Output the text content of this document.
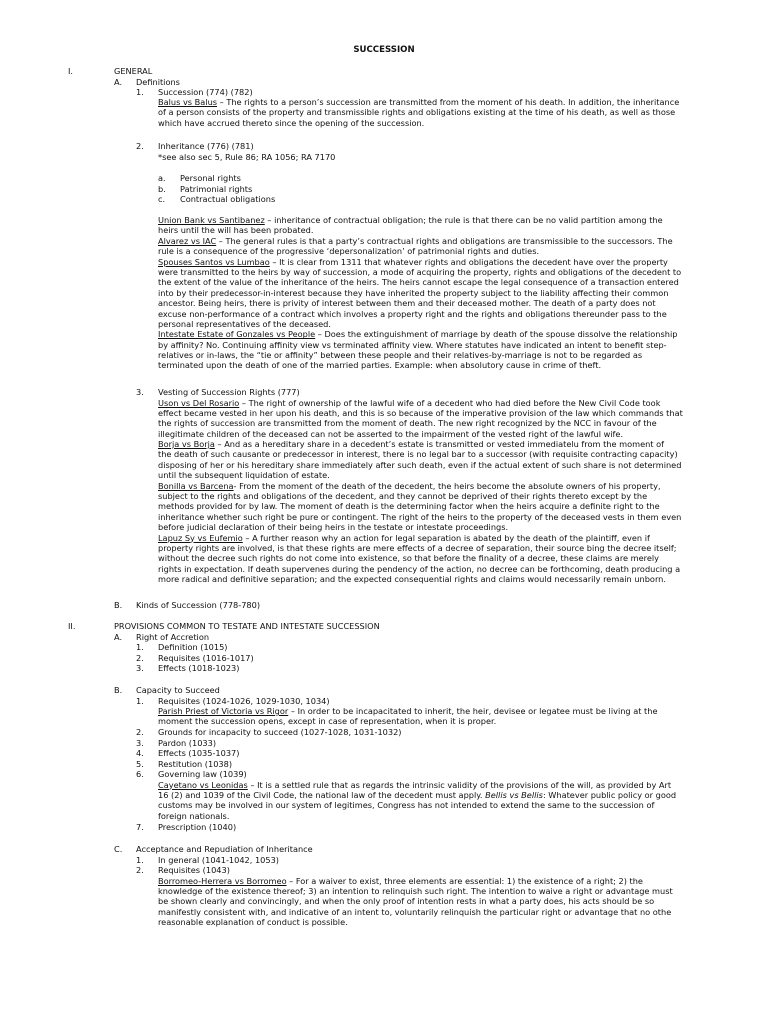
SUCCESSION
I.	GENERAL
A. Definitions
1. Succession (774) (782)
Balus vs Balus – The rights to a person’s succession are transmitted from the moment of his death. In addition, the inheritance
of a person consists of the property and transmissible rights and obligations existing at the time of his death, as well as those
which have accrued thereto since the opening of the succession.
2. Inheritance (776) (781)
*see also sec 5, Rule 86; RA 1056; RA 7170
a. Personal rights
b. Patrimonial rights
c. Contractual obligations
Union Bank vs Santibanez – inheritance of contractual obligation; the rule is that there can be no valid partition among the
heirs until the will has been probated.
Alvarez vs IAC – The general rules is that a party’s contractual rights and obligations are transmissible to the successors. The
rule is a consequence of the progressive ‘depersonalization’ of patrimonial rights and duties.
Spouses Santos vs Lumbao – It is clear from 1311 that whatever rights and obligations the decedent have over the property
were transmitted to the heirs by way of succession, a mode of acquiring the property, rights and obligations of the decedent to
the extent of the value of the inheritance of the heirs. The heirs cannot escape the legal consequence of a transaction entered
into by their predecessor-in-interest because they have inherited the property subject to the liability affecting their common
ancestor. Being heirs, there is privity of interest between them and their deceased mother. The death of a party does not
excuse non-performance of a contract which involves a property right and the rights and obligations thereunder pass to the
personal representatives of the deceased.
Intestate Estate of Gonzales vs People – Does the extinguishment of marriage by death of the spouse dissolve the relationship
by affinity? No. Continuing affinity view vs terminated affinity view. Where statutes have indicated an intent to benefit step-
relatives or in-laws, the “tie or affinity” between these people and their relatives-by-marriage is not to be regarded as
terminated upon the death of one of the married parties. Example: when absolutory cause in crime of theft.
3. Vesting of Succession Rights (777)
Uson vs Del Rosario – The right of ownership of the lawful wife of a decedent who had died before the New Civil Code took
effect became vested in her upon his death, and this is so because of the imperative provision of the law which commands that
the rights of succession are transmitted from the moment of death. The new right recognized by the NCC in favour of the
illegitimate children of the deceased can not be asserted to the impairment of the vested right of the lawful wife.
Borja vs Borja – And as a hereditary share in a decedent’s estate is transmitted or vested immediatelu from the moment of
the death of such causante or predecessor in interest, there is no legal bar to a successor (with requisite contracting capacity)
disposing of her or his hereditary share immediately after such death, even if the actual extent of such share is not determined
until the subsequent liquidation of estate.
Bonilla vs Barcena- From the moment of the death of the decedent, the heirs become the absolute owners of his property,
subject to the rights and obligations of the decedent, and they cannot be deprived of their rights thereto except by the
methods provided for by law. The moment of death is the determining factor when the heirs acquire a definite right to the
inheritance whether such right be pure or contingent. The right of the heirs to the property of the deceased vests in them even
before judicial declaration of their being heirs in the testate or intestate proceedings.
Lapuz Sy vs Eufemio – A further reason why an action for legal separation is abated by the death of the plaintiff, even if
property rights are involved, is that these rights are mere effects of a decree of separation, their source bing the decree itself;
without the decree such rights do not come into existence, so that before the finality of a decree, these claims are merely
rights in expectation. If death supervenes during the pendency of the action, no decree can be forthcoming, death producing a
more radical and definitive separation; and the expected consequential rights and claims would necessarily remain unborn.
B. Kinds of Succession (778-780)
II.	PROVISIONS COMMON TO TESTATE AND INTESTATE SUCCESSION
A. Right of Accretion
1. Definition (1015)
2. Requisites (1016-1017)
3. Effects (1018-1023)
B. Capacity to Succeed
1. Requisites (1024-1026, 1029-1030, 1034)
Parish Priest of Victoria vs Rigor – In order to be incapacitated to inherit, the heir, devisee or legatee must be living at the
moment the succession opens, except in case of representation, when it is proper.
2. Grounds for incapacity to succeed (1027-1028, 1031-1032)
3. Pardon (1033)
4. Effects (1035-1037)
5. Restitution (1038)
6. Governing law (1039)
Cayetano vs Leonidas – It is a settled rule that as regards the intrinsic validity of the provisions of the will, as provided by Art
16 (2) and 1039 of the Civil Code, the national law of the decedent must apply. Bellis vs Bellis: Whatever public policy or good
customs may be involved in our system of legitimes, Congress has not intended to extend the same to the succession of
foreign nationals.
7. Prescription (1040)
C. Acceptance and Repudiation of Inheritance
1. In general (1041-1042, 1053)
2. Requisites (1043)
Borromeo-Herrera vs Borromeo – For a waiver to exist, three elements are essential: 1) the existence of a right; 2) the
knowledge of the existence thereof; 3) an intention to relinquish such right. The intention to waive a right or advantage must
be shown clearly and convincingly, and when the only proof of intention rests in what a party does, his acts should be so
manifestly consistent with, and indicative of an intent to, voluntarily relinquish the particular right or advantage that no othe
reasonable explanation of conduct is possible.
